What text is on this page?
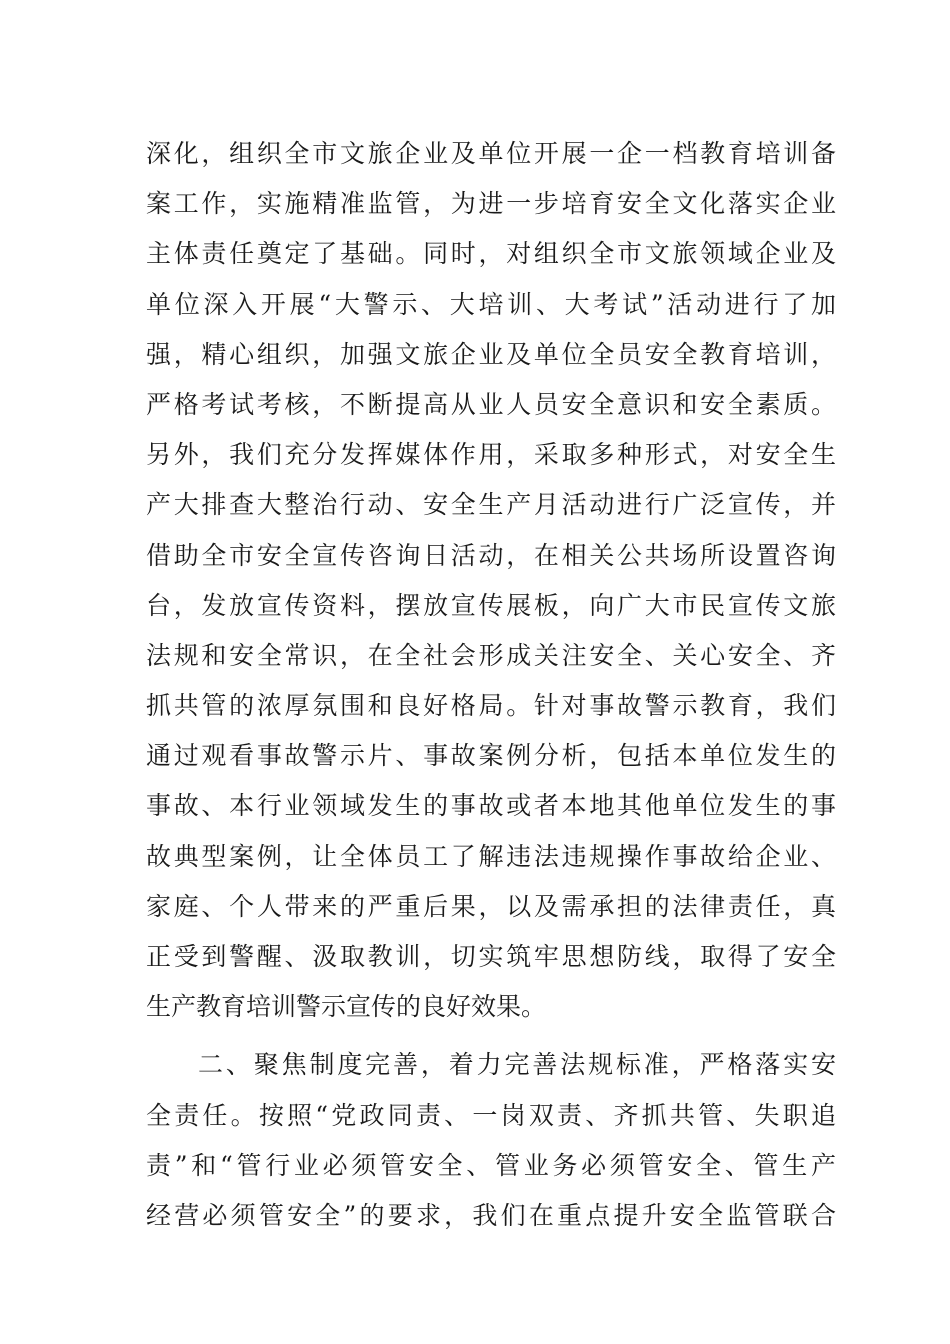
深化，组织全市文旅企业及单位开展一企一档教育培训备
案工作，实施精准监管，为进一步培育安全文化落实企业
主体责任奠定了基础。同时，对组织全市文旅领域企业及
单位深入开展“大警示、大培训、大考试”活动进行了加
强，精心组织，加强文旅企业及单位全员安全教育培训，
严格考试考核，不断提高从业人员安全意识和安全素质。
另外，我们充分发挥媒体作用，采取多种形式，对安全生
产大排查大整治行动、安全生产月活动进行广泛宣传，并
借助全市安全宣传咨询日活动，在相关公共场所设置咨询
台，发放宣传资料，摆放宣传展板，向广大市民宣传文旅
法规和安全常识，在全社会形成关注安全、关心安全、齐
抓共管的浓厚氛围和良好格局。针对事故警示教育，我们
通过观看事故警示片、事故案例分析，包括本单位发生的
事故、本行业领域发生的事故或者本地其他单位发生的事
故典型案例，让全体员工了解违法违规操作事故给企业、
家庭、个人带来的严重后果，以及需承担的法律责任，真
正受到警醒、汲取教训，切实筑牢思想防线，取得了安全
生产教育培训警示宣传的良好效果。
二、聚焦制度完善，着力完善法规标准，严格落实安
全责任。按照“党政同责、一岗双责、齐抓共管、失职追
责”和“管行业必须管安全、管业务必须管安全、管生产
经营必须管安全”的要求，我们在重点提升安全监管联合
